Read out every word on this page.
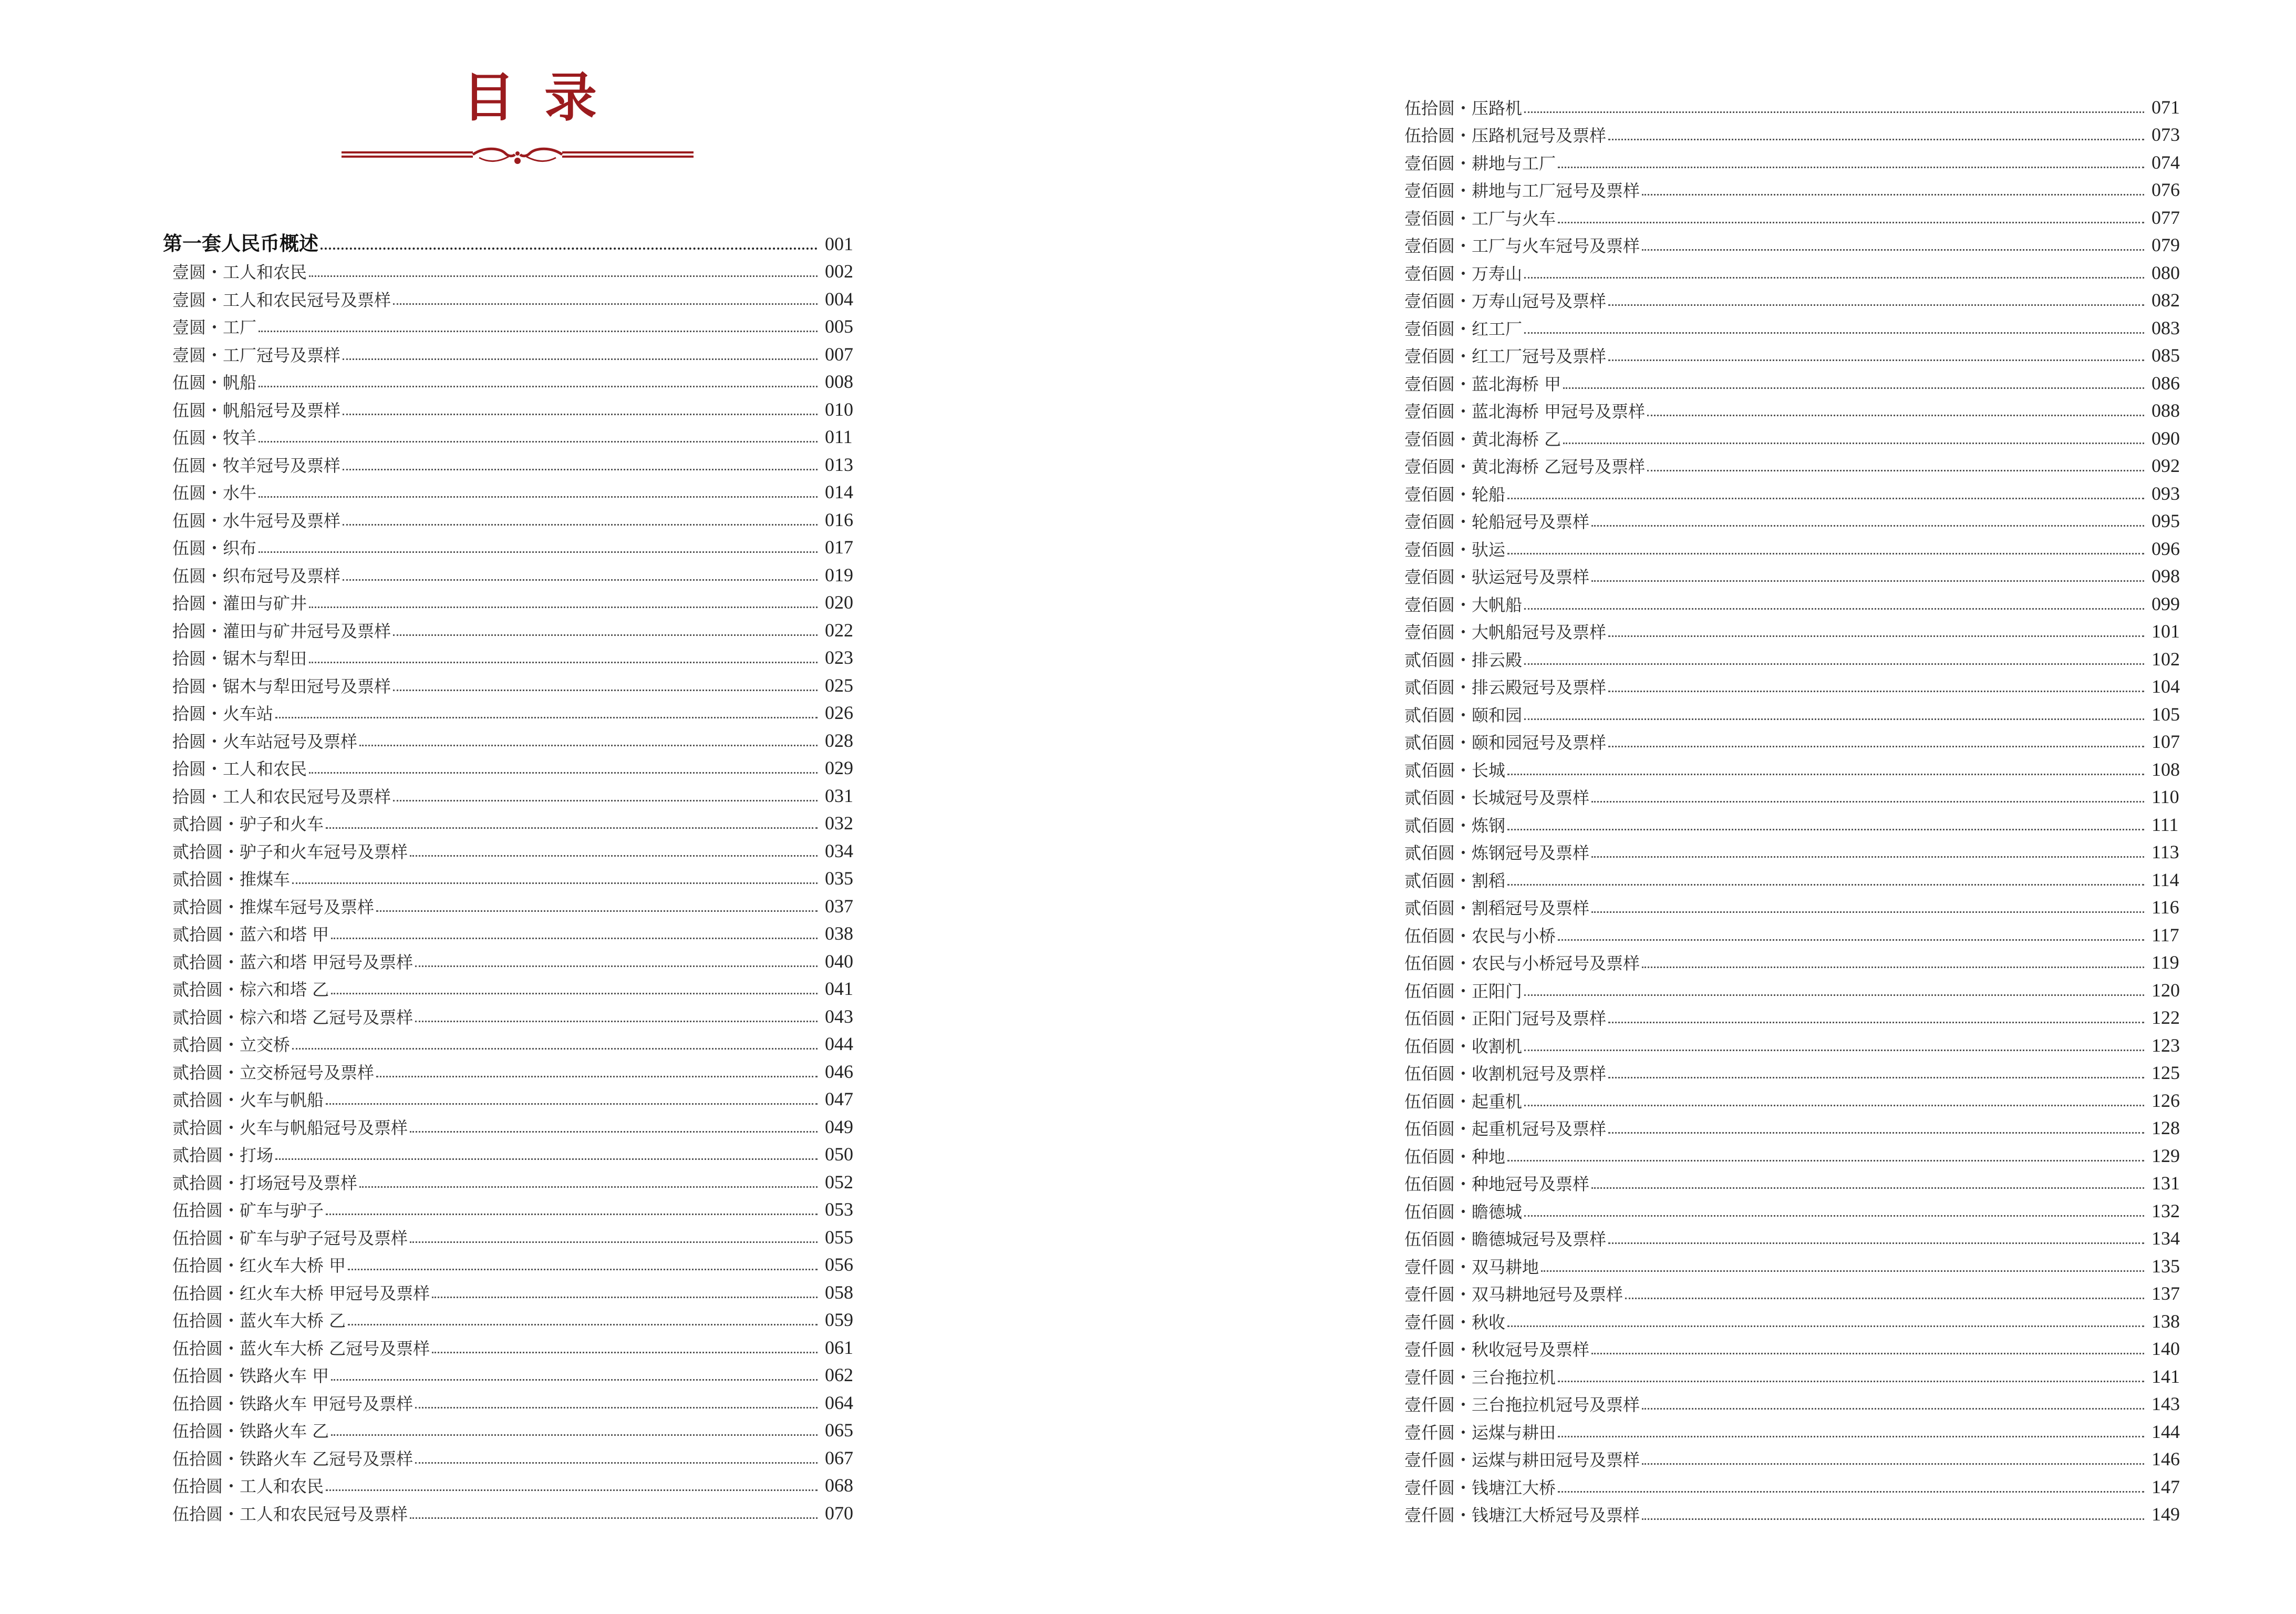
目录
第一套人民币概述	001
壹圆・工人和农民	002
壹圆・工人和农民冠号及票样	004
壹圆・工厂	005
壹圆・工厂冠号及票样	007
伍圆・帆船	008
伍圆・帆船冠号及票样	010
伍圆・牧羊	011
伍圆・牧羊冠号及票样	013
伍圆・水牛	014
伍圆・水牛冠号及票样	016
伍圆・织布	017
伍圆・织布冠号及票样	019
拾圆・灌田与矿井	020
拾圆・灌田与矿井冠号及票样	022
拾圆・锯木与犁田	023
拾圆・锯木与犁田冠号及票样	025
拾圆・火车站	026
拾圆・火车站冠号及票样	028
拾圆・工人和农民	029
拾圆・工人和农民冠号及票样	031
贰拾圆・驴子和火车	032
贰拾圆・驴子和火车冠号及票样	034
贰拾圆・推煤车	035
贰拾圆・推煤车冠号及票样	037
贰拾圆・蓝六和塔 甲	038
贰拾圆・蓝六和塔 甲冠号及票样	040
贰拾圆・棕六和塔 乙	041
贰拾圆・棕六和塔 乙冠号及票样	043
贰拾圆・立交桥	044
贰拾圆・立交桥冠号及票样	046
贰拾圆・火车与帆船	047
贰拾圆・火车与帆船冠号及票样	049
贰拾圆・打场	050
贰拾圆・打场冠号及票样	052
伍拾圆・矿车与驴子	053
伍拾圆・矿车与驴子冠号及票样	055
伍拾圆・红火车大桥 甲	056
伍拾圆・红火车大桥 甲冠号及票样	058
伍拾圆・蓝火车大桥 乙	059
伍拾圆・蓝火车大桥 乙冠号及票样	061
伍拾圆・铁路火车 甲	062
伍拾圆・铁路火车 甲冠号及票样	064
伍拾圆・铁路火车 乙	065
伍拾圆・铁路火车 乙冠号及票样	067
伍拾圆・工人和农民	068
伍拾圆・工人和农民冠号及票样	070
伍拾圆・压路机	071
伍拾圆・压路机冠号及票样	073
壹佰圆・耕地与工厂	074
壹佰圆・耕地与工厂冠号及票样	076
壹佰圆・工厂与火车	077
壹佰圆・工厂与火车冠号及票样	079
壹佰圆・万寿山	080
壹佰圆・万寿山冠号及票样	082
壹佰圆・红工厂	083
壹佰圆・红工厂冠号及票样	085
壹佰圆・蓝北海桥 甲	086
壹佰圆・蓝北海桥 甲冠号及票样	088
壹佰圆・黄北海桥 乙	090
壹佰圆・黄北海桥 乙冠号及票样	092
壹佰圆・轮船	093
壹佰圆・轮船冠号及票样	095
壹佰圆・驮运	096
壹佰圆・驮运冠号及票样	098
壹佰圆・大帆船	099
壹佰圆・大帆船冠号及票样	101
贰佰圆・排云殿	102
贰佰圆・排云殿冠号及票样	104
贰佰圆・颐和园	105
贰佰圆・颐和园冠号及票样	107
贰佰圆・长城	108
贰佰圆・长城冠号及票样	110
贰佰圆・炼钢	111
贰佰圆・炼钢冠号及票样	113
贰佰圆・割稻	114
贰佰圆・割稻冠号及票样	116
伍佰圆・农民与小桥	117
伍佰圆・农民与小桥冠号及票样	119
伍佰圆・正阳门	120
伍佰圆・正阳门冠号及票样	122
伍佰圆・收割机	123
伍佰圆・收割机冠号及票样	125
伍佰圆・起重机	126
伍佰圆・起重机冠号及票样	128
伍佰圆・种地	129
伍佰圆・种地冠号及票样	131
伍佰圆・瞻德城	132
伍佰圆・瞻德城冠号及票样	134
壹仟圆・双马耕地	135
壹仟圆・双马耕地冠号及票样	137
壹仟圆・秋收	138
壹仟圆・秋收冠号及票样	140
壹仟圆・三台拖拉机	141
壹仟圆・三台拖拉机冠号及票样	143
壹仟圆・运煤与耕田	144
壹仟圆・运煤与耕田冠号及票样	146
壹仟圆・钱塘江大桥	147
壹仟圆・钱塘江大桥冠号及票样	149
